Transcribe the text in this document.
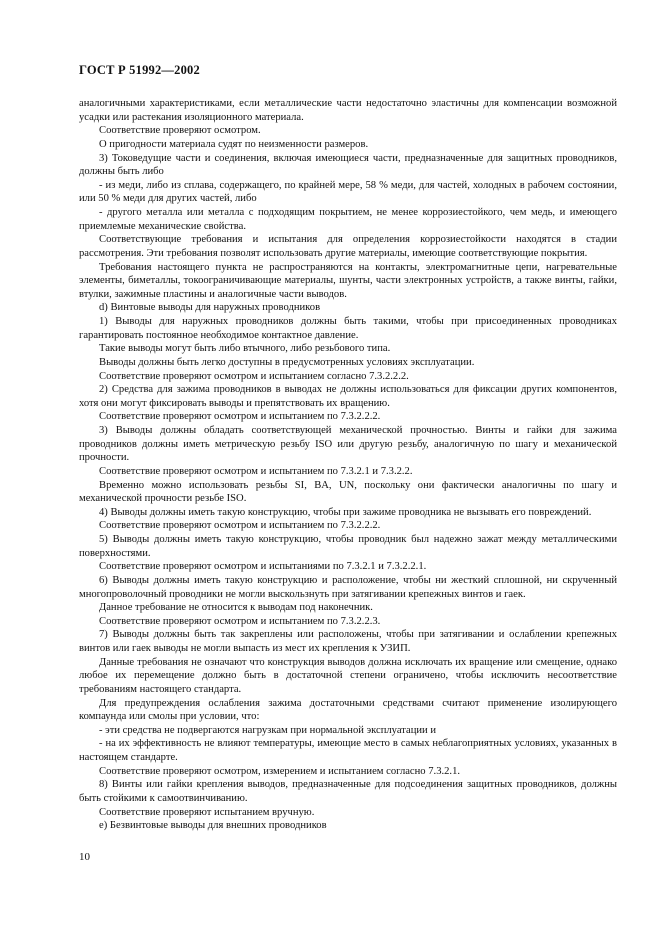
ГОСТ Р 51992—2002

аналогичными характеристиками, если металлические части недостаточно эластичны для компенсации возможной усадки или растекания изоляционного материала.

Соответствие проверяют осмотром.

О пригодности материала судят по неизменности размеров.

3) Токоведущие части и соединения, включая имеющиеся части, предназначенные для защитных проводников, должны быть либо

- из меди, либо из сплава, содержащего, по крайней мере, 58 % меди, для частей, холодных в рабочем состоянии, или 50 % меди для других частей, либо

- другого металла или металла с подходящим покрытием, не менее коррозиестойкого, чем медь, и имеющего приемлемые механические свойства.

Соответствующие требования и испытания для определения коррозиестойкости находятся в стадии рассмотрения. Эти требования позволят использовать другие материалы, имеющие соответствующие покрытия.

Требования настоящего пункта не распространяются на контакты, электромагнитные цепи, нагревательные элементы, биметаллы, токоограничивающие материалы, шунты, части электронных устройств, а также винты, гайки, втулки, зажимные пластины и аналогичные части выводов.

d) Винтовые выводы для наружных проводников

1) Выводы для наружных проводников должны быть такими, чтобы при присоединенных проводниках гарантировать постоянное необходимое контактное давление.

Такие выводы могут быть либо втычного, либо резьбового типа.

Выводы должны быть легко доступны в предусмотренных условиях эксплуатации.

Соответствие проверяют осмотром и испытанием согласно 7.3.2.2.2.

2) Средства для зажима проводников в выводах не должны использоваться для фиксации других компонентов, хотя они могут фиксировать выводы и препятствовать их вращению.

Соответствие проверяют осмотром и испытанием по 7.3.2.2.2.

3) Выводы должны обладать соответствующей механической прочностью. Винты и гайки для зажима проводников должны иметь метрическую резьбу ISO или другую резьбу, аналогичную по шагу и механической прочности.

Соответствие проверяют осмотром и испытанием по 7.3.2.1 и 7.3.2.2.

Временно можно использовать резьбы SI, BA, UN, поскольку они фактически аналогичны по шагу и механической прочности резьбе ISO.

4) Выводы должны иметь такую конструкцию, чтобы при зажиме проводника не вызывать его повреждений.

Соответствие проверяют осмотром и испытанием по 7.3.2.2.2.

5) Выводы должны иметь такую конструкцию, чтобы проводник был надежно зажат между металлическими поверхностями.

Соответствие проверяют осмотром и испытаниями по 7.3.2.1 и 7.3.2.2.1.

6) Выводы должны иметь такую конструкцию и расположение, чтобы ни жесткий сплошной, ни скрученный многопроволочный проводники не могли выскользнуть при затягивании крепежных винтов и гаек.

Данное требование не относится к выводам под наконечник.

Соответствие проверяют осмотром и испытанием по 7.3.2.2.3.

7) Выводы должны быть так закреплены или расположены, чтобы при затягивании и ослаблении крепежных винтов или гаек выводы не могли выпасть из мест их крепления к УЗИП.

Данные требования не означают что конструкция выводов должна исключать их вращение или смещение, однако любое их перемещение должно быть в достаточной степени ограничено, чтобы исключить несоответствие требованиям настоящего стандарта.

Для предупреждения ослабления зажима достаточными средствами считают применение изолирующего компаунда или смолы при условии, что:

- эти средства не подвергаются нагрузкам при нормальной эксплуатации и

- на их эффективность не влияют температуры, имеющие место в самых неблагоприятных условиях, указанных в настоящем стандарте.

Соответствие проверяют осмотром, измерением и испытанием согласно 7.3.2.1.

8) Винты или гайки крепления выводов, предназначенные для подсоединения защитных проводников, должны быть стойкими к самоотвинчиванию.

Соответствие проверяют испытанием вручную.

e) Безвинтовые выводы для внешних проводников

10
